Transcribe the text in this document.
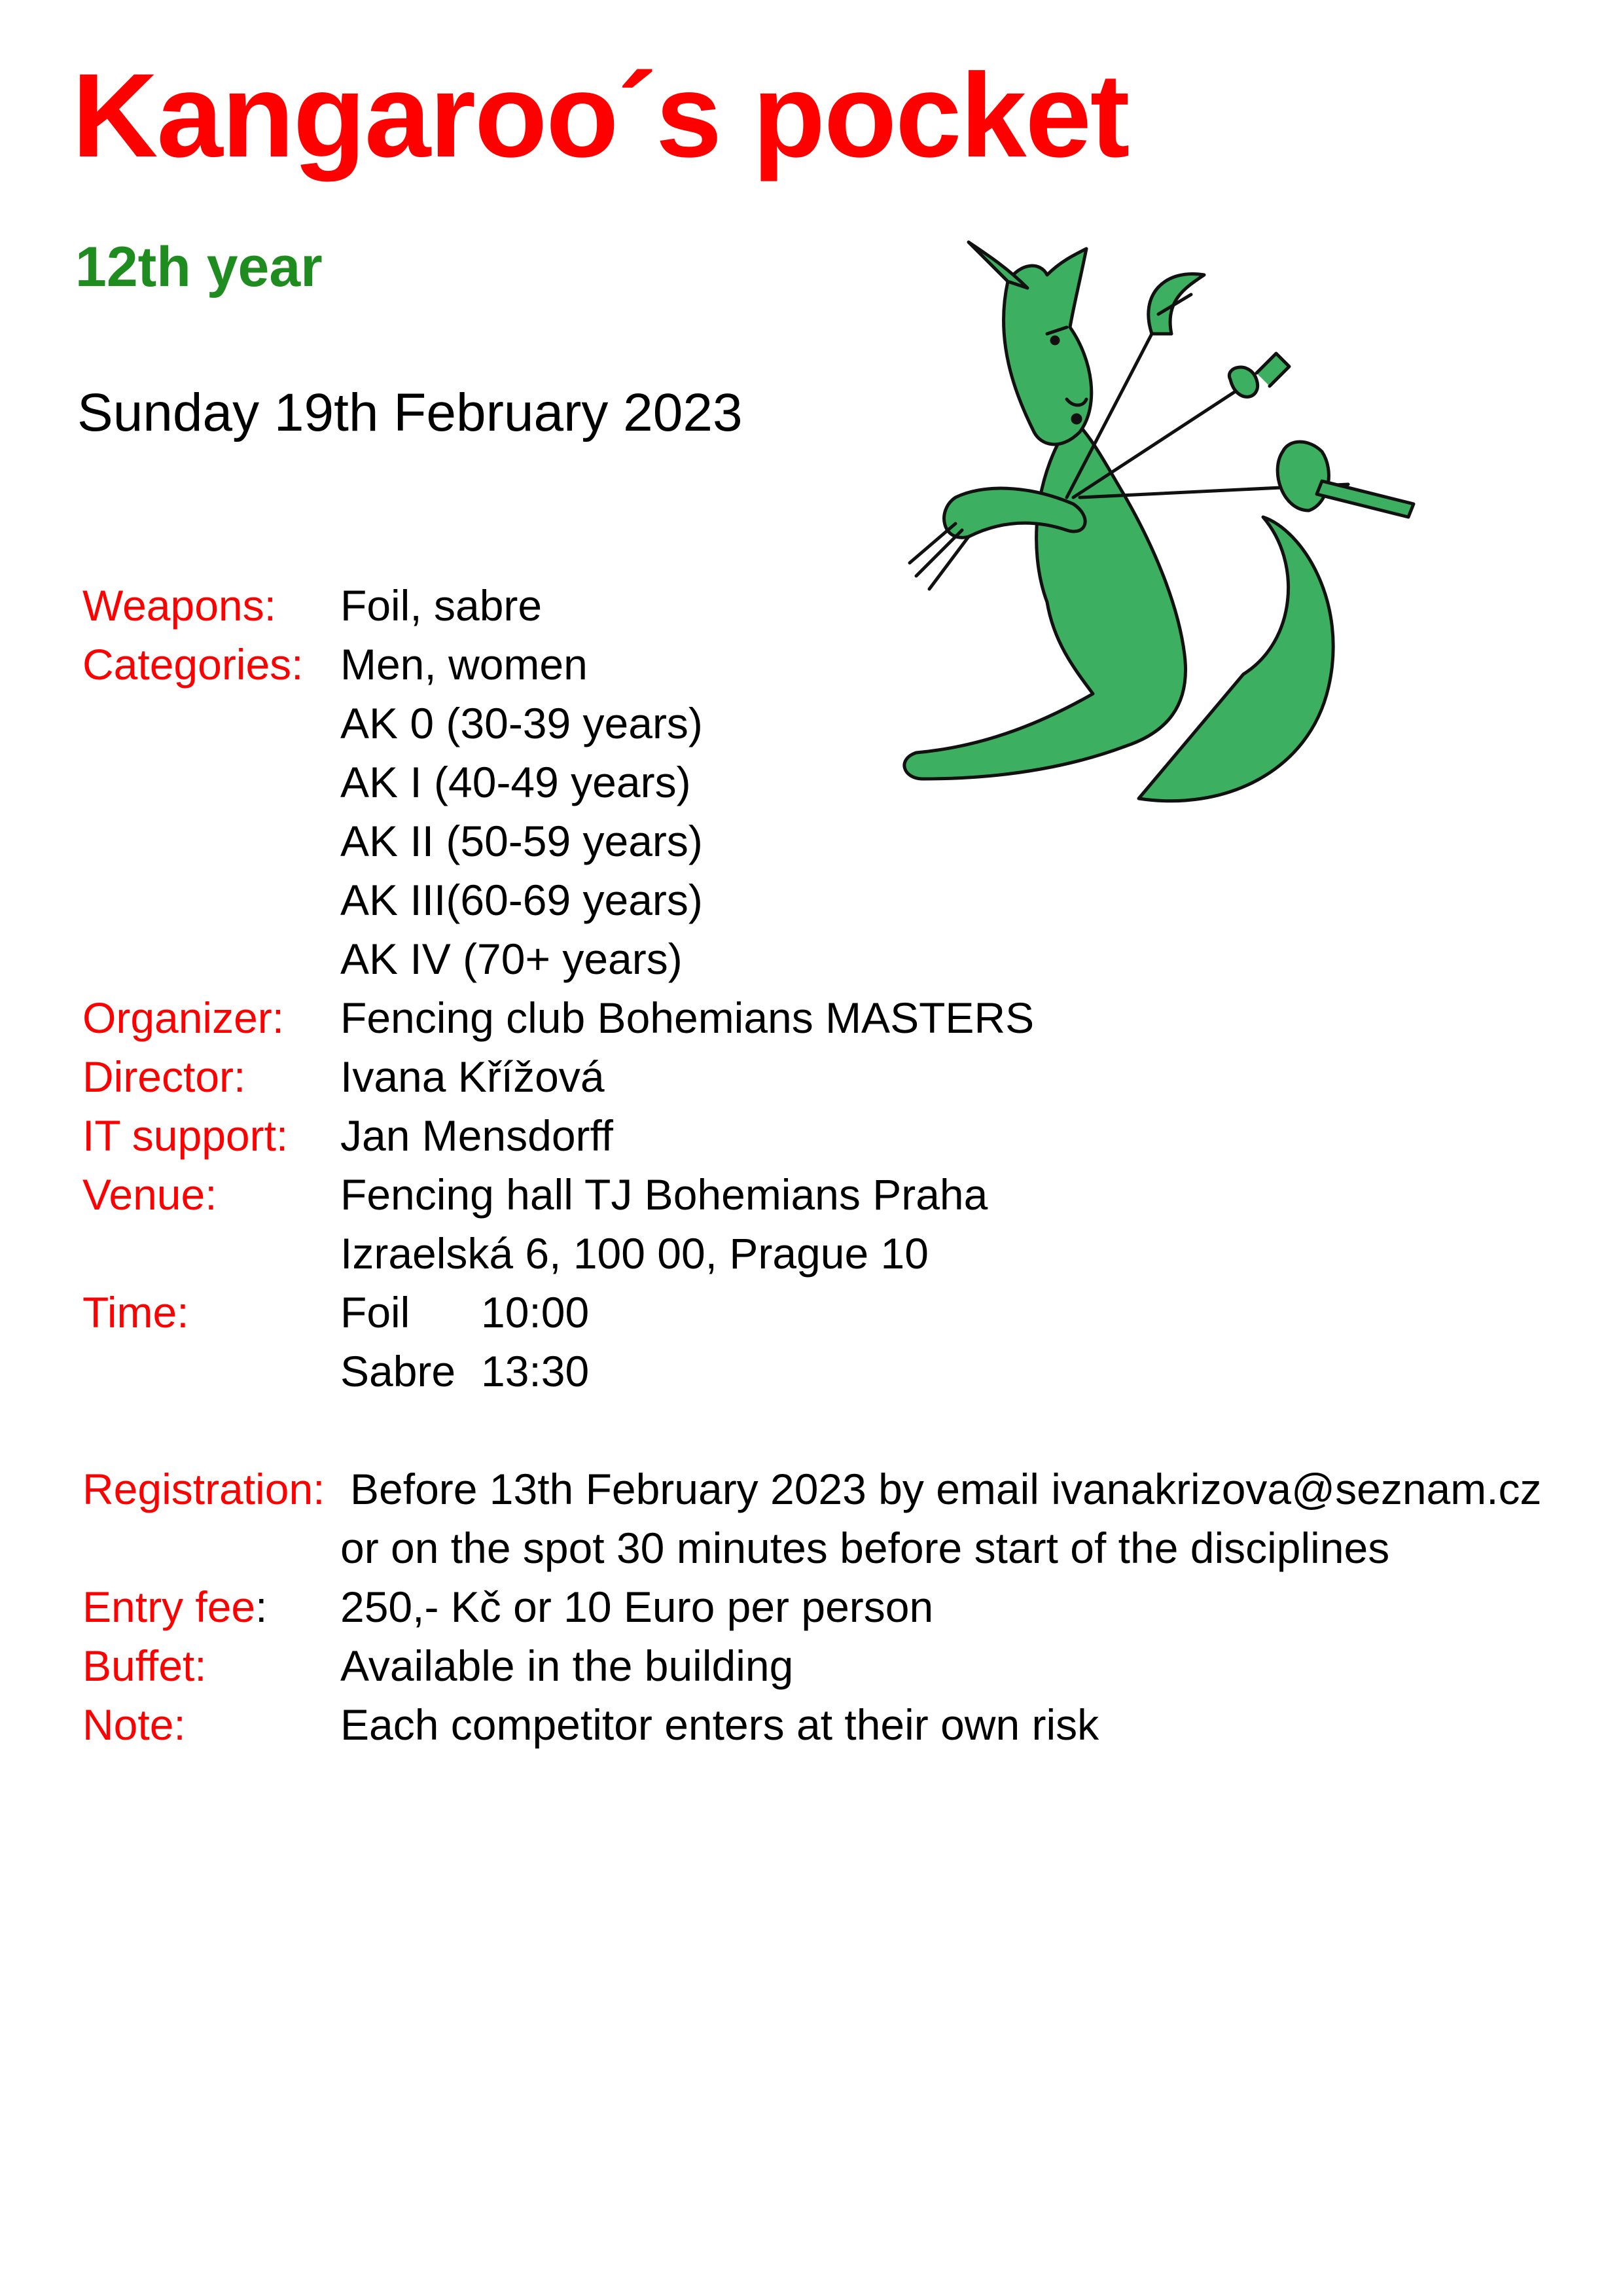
Kangaroo´s pocket
12th year
Sunday 19th February 2023
Weapons: Foil, sabre
Categories: Men, women
AK 0 (30-39 years)
AK I (40-49 years)
AK II (50-59 years)
AK III(60-69 years)
AK IV (70+ years)
Organizer: Fencing club Bohemians MASTERS
Director: Ivana Křížová
IT support: Jan Mensdorff
Venue:	Fencing hall TJ Bohemians Praha
Izraelská 6, 100 00, Prague 10
Time:	Foil 10:00
Sabre 13:30
Registration: Before 13th February 2023 by email ivanakrizova@seznam.cz
or on the spot 30 minutes before start of the disciplines
Entry fee: 250,- Kč or 10 Euro per person
Buffet:	Available in the building
Note:	Each competitor enters at their own risk
